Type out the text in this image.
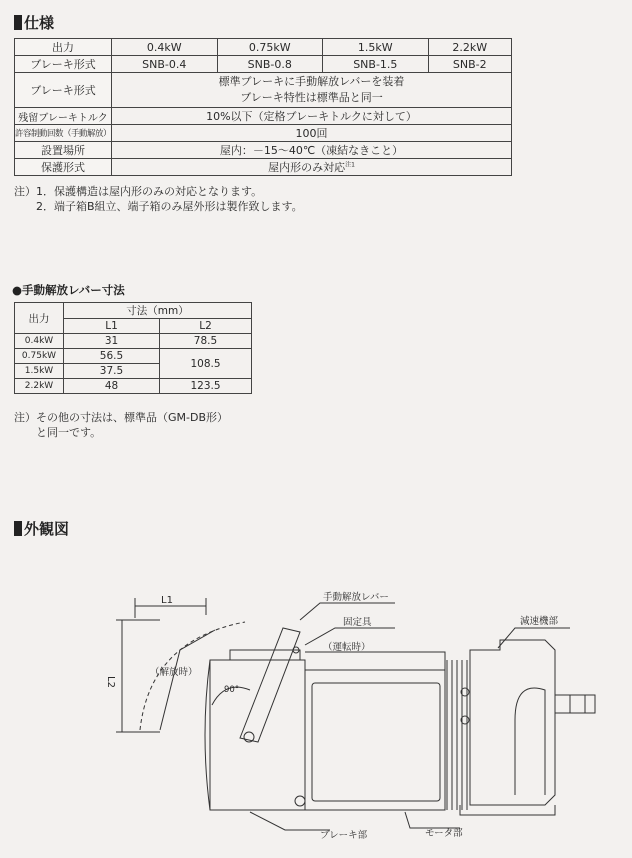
仕様
出力	0.4kW	0.75kW	1.5kW	2.2kW
ブレーキ形式	SNB-0.4	SNB-0.8	SNB-1.5	SNB-2
ブレーキ形式	標準ブレーキに手動解放レバーを装着
ブレーキ特性は標準品と同一			

残留ブレーキトルク	10%以下（定格ブレーキトルクに対して）			
許容制動回数（手動解放）	100回			
設置場所	屋内：－15～40℃（凍結なきこと）			
保護形式	屋内形のみ対応$^{注1}$
注）1．保護構造は屋内形のみの対応となります。
　　2．端子箱B組立、端子箱のみ屋外形は製作致します。
●手動解放レバー寸法
出力	寸法（mm）	
	L1	L2
0.4kW	31	78.5
0.75kW	56.5	108.5
1.5kW	37.5	
2.2kW	48	123.5
注）その他の寸法は、標準品（GM-DB形）
　　と同一です。
外観図
L1
L2
手動解放レバー
固定具
（運転時）
（解放時）
90°
減速機部
ブレーキ部	モータ部
